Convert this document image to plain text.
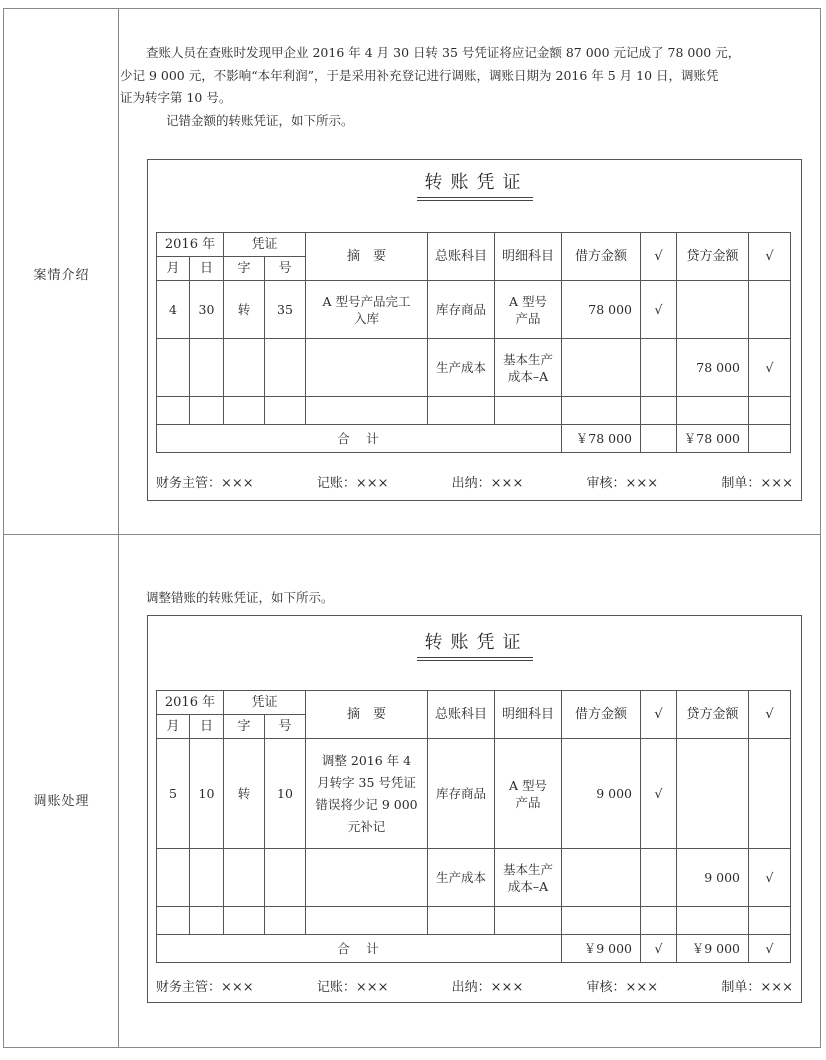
案情介绍
查账人员在查账时发现甲企业 2016 年 4 月 30 日转 35 号凭证将应记金额 87 000 元记成了 78 000 元，
少记 9 000 元，不影响“本年利润”，于是采用补充登记进行调账，调账日期为 2016 年 5 月 10 日，调账凭
证为转字第 10 号。
记错金额的转账凭证，如下所示。
转账凭证
2016 年		凭证		摘　要	总账科目	明细科目	借方金额	√	贷方金额	√
月	日	字	号							
4	30	转	35	A 型号产品完工入库	库存商品	A 型号产品	78 000	√		
					生产成本	基本生产成本–A			78 000	√

合　计							￥78 000		￥78 000	
财务主管：×××	记账：×××	出纳：×××	审核：×××	制单：×××
调账处理
调整错账的转账凭证，如下所示。
转账凭证
2016 年		凭证		摘　要	总账科目	明细科目	借方金额	√	贷方金额	√
月	日	字	号							
5	10	转	10	调整 2016 年 4 月转字 35 号凭证错误将少记 9 000 元补记	库存商品	A 型号产品	9 000	√		
					生产成本	基本生产成本–A			9 000	√

合　计							￥9 000	√	￥9 000	√
财务主管：×××	记账：×××	出纳：×××	审核：×××	制单：×××
